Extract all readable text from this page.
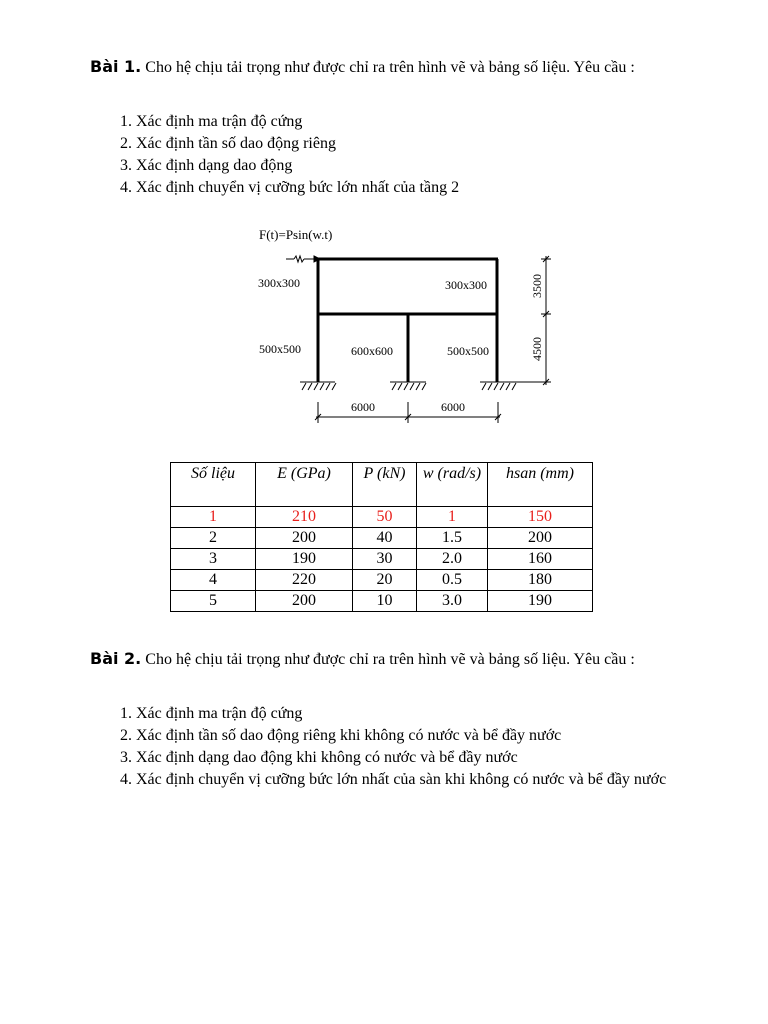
Bài 1. Cho hệ chịu tải trọng như được chỉ ra trên hình vẽ và bảng số liệu. Yêu cầu :
1. Xác định ma trận độ cứng
2. Xác định tần số dao động riêng
3. Xác định dạng dao động
4. Xác định chuyển vị cưỡng bức lớn nhất của tầng 2
F(t)=Psin(w.t)
300x300	300x300
500x500	600x600	500x500
3500
4500
6000	6000
Số liệu	E (GPa)	P (kN)	w (rad/s)	hsan (mm)
1	210	50	1	150
2	200	40	1.5	200
3	190	30	2.0	160
4	220	20	0.5	180
5	200	10	3.0	190
Bài 2. Cho hệ chịu tải trọng như được chỉ ra trên hình vẽ và bảng số liệu. Yêu cầu :
1. Xác định ma trận độ cứng
2. Xác định tần số dao động riêng khi không có nước và bể đầy nước
3. Xác định dạng dao động khi không có nước và bể đầy nước
4. Xác định chuyển vị cưỡng bức lớn nhất của sàn khi không có nước và bể đầy nước
